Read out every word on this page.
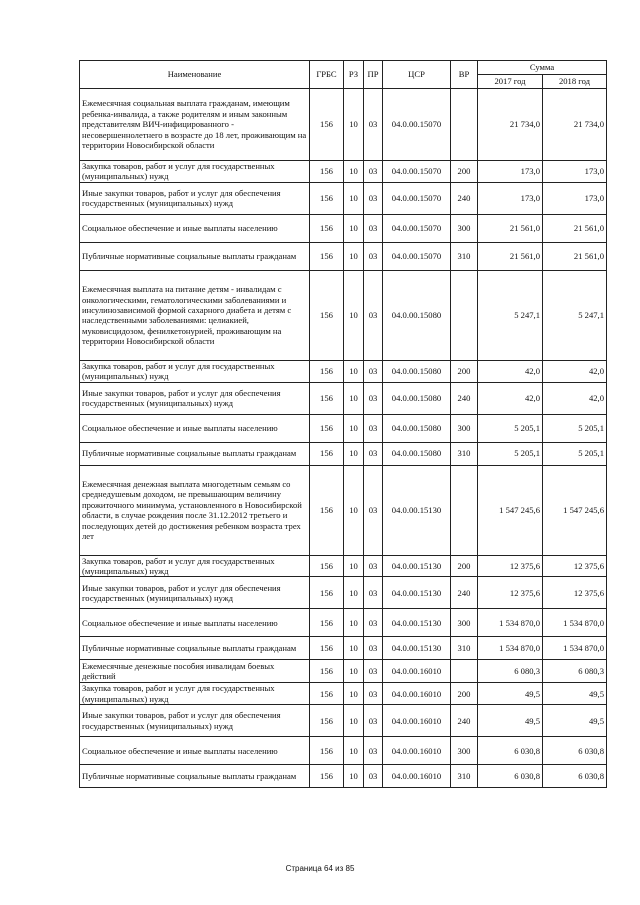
Наименование	ГРБС	РЗ	ПР	ЦСР	ВР	Сумма	
						2017 год	2018 год
Ежемесячная социальная выплата гражданам, имеющим ребенка-инвалида, а также родителям и иным законным представителям ВИЧ-инфицированного - несовершеннолетнего в возрасте до 18 лет, проживающим на территории Новосибирской области	156	10	03	04.0.00.15070		21 734,0	21 734,0
Закупка товаров, работ и услуг для государственных (муниципальных) нужд	156	10	03	04.0.00.15070	200	173,0	173,0
Иные закупки товаров, работ и услуг для обеспечения государственных (муниципальных) нужд	156	10	03	04.0.00.15070	240	173,0	173,0
Социальное обеспечение и иные выплаты населению	156	10	03	04.0.00.15070	300	21 561,0	21 561,0
Публичные нормативные социальные выплаты гражданам	156	10	03	04.0.00.15070	310	21 561,0	21 561,0
Ежемесячная выплата на питание детям - инвалидам с онкологическими, гематологическими заболеваниями и инсулинозависимой формой сахарного диабета и детям с наследственными заболеваниями: целиакией, муковисцидозом, фенилкетонурией, проживающим на территории Новосибирской области	156	10	03	04.0.00.15080		5 247,1	5 247,1
Закупка товаров, работ и услуг для государственных (муниципальных) нужд	156	10	03	04.0.00.15080	200	42,0	42,0
Иные закупки товаров, работ и услуг для обеспечения государственных (муниципальных) нужд	156	10	03	04.0.00.15080	240	42,0	42,0
Социальное обеспечение и иные выплаты населению	156	10	03	04.0.00.15080	300	5 205,1	5 205,1
Публичные нормативные социальные выплаты гражданам	156	10	03	04.0.00.15080	310	5 205,1	5 205,1
Ежемесячная денежная выплата многодетным семьям со среднедушевым доходом, не превышающим величину прожиточного минимума, установленного в Новосибирской области, в случае рождения после 31.12.2012 третьего и последующих детей до достижения ребенком возраста трех лет	156	10	03	04.0.00.15130		1 547 245,6	1 547 245,6
Закупка товаров, работ и услуг для государственных (муниципальных) нужд	156	10	03	04.0.00.15130	200	12 375,6	12 375,6
Иные закупки товаров, работ и услуг для обеспечения государственных (муниципальных) нужд	156	10	03	04.0.00.15130	240	12 375,6	12 375,6
Социальное обеспечение и иные выплаты населению	156	10	03	04.0.00.15130	300	1 534 870,0	1 534 870,0
Публичные нормативные социальные выплаты гражданам	156	10	03	04.0.00.15130	310	1 534 870,0	1 534 870,0
Ежемесячные денежные пособия инвалидам боевых действий	156	10	03	04.0.00.16010		6 080,3	6 080,3
Закупка товаров, работ и услуг для государственных (муниципальных) нужд	156	10	03	04.0.00.16010	200	49,5	49,5
Иные закупки товаров, работ и услуг для обеспечения государственных (муниципальных) нужд	156	10	03	04.0.00.16010	240	49,5	49,5
Социальное обеспечение и иные выплаты населению	156	10	03	04.0.00.16010	300	6 030,8	6 030,8
Публичные нормативные социальные выплаты гражданам	156	10	03	04.0.00.16010	310	6 030,8	6 030,8
Страница 64 из 85
